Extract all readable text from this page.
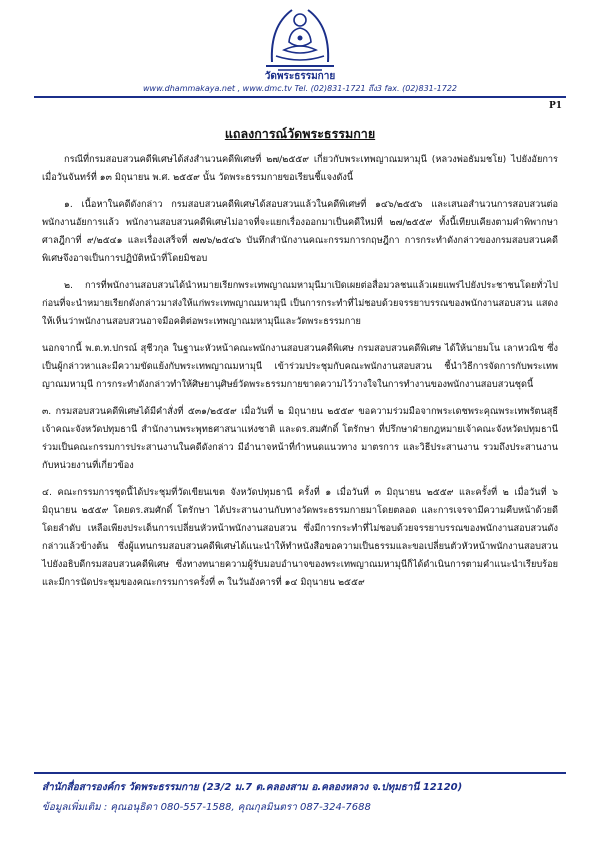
วัดพระธรรมกาย
www.dhammakaya.net , www.dmc.tv Tel. (02)831-1721 ถึง3 fax. (02)831-1722
P1
แถลงการณ์วัดพระธรรมกาย

กรณีที่กรมสอบสวนคดีพิเศษได้ส่งสำนวนคดีพิเศษที่ ๒๗/๒๕๕๙ เกี่ยวกับพระเทพญาณมหามุนี (หลวงพ่อธัมมชโย) ไปยังอัยการ เมื่อวันจันทร์ที่ ๑๓ มิถุนายน พ.ศ. ๒๕๕๙ นั้น วัดพระธรรมกายขอเรียนชี้แจงดังนี้

๑. เนื้อหาในคดีดังกล่าว กรมสอบสวนคดีพิเศษได้สอบสวนแล้วในคดีพิเศษที่ ๑๔๖/๒๕๕๖ และเสนอสำนวนการสอบสวนต่อพนักงานอัยการแล้ว พนักงานสอบสวนคดีพิเศษไม่อาจที่จะแยกเรื่องออกมาเป็นคดีใหม่ที่ ๒๗/๒๕๕๙ ทั้งนี้เทียบเคียงตามคำพิพากษาศาลฎีกาที่ ๙/๒๕๔๑ และเรื่องเสร็จที่ ๗๗๖/๒๕๔๖ บันทึกสำนักงานคณะกรรมการกฤษฎีกา การกระทำดังกล่าวของกรมสอบสวนคดีพิเศษจึงอาจเป็นการปฏิบัติหน้าที่โดยมิชอบ

๒. การที่พนักงานสอบสวนได้นำหมายเรียกพระเทพญาณมหามุนีมาเปิดเผยต่อสื่อมวลชนแล้วเผยแพร่ไปยังประชาชนโดยทั่วไป ก่อนที่จะนำหมายเรียกดังกล่าวมาส่งให้แก่พระเทพญาณมหามุนี เป็นการกระทำที่ไม่ชอบด้วยจรรยาบรรณของพนักงานสอบสวน แสดงให้เห็นว่าพนักงานสอบสวนอาจมีอคติต่อพระเทพญาณมหามุนีและวัดพระธรรมกาย

นอกจากนี้ พ.ต.ท.ปกรณ์ สุชีวกุล ในฐานะหัวหน้าคณะพนักงานสอบสวนคดีพิเศษ กรมสอบสวนคดีพิเศษ ได้ให้นายมโน เลาหวณิช ซึ่งเป็นผู้กล่าวหาและมีความขัดแย้งกับพระเทพญาณมหามุนี เข้าร่วมประชุมกับคณะพนักงานสอบสวน ชี้นำวิธีการจัดการกับพระเทพญาณมหามุนี การกระทำดังกล่าวทำให้ศิษยานุศิษย์วัดพระธรรมกายขาดความไว้วางใจในการทำงานของพนักงานสอบสวนชุดนี้

๓. กรมสอบสวนคดีพิเศษได้มีคำสั่งที่ ๕๓๑/๒๕๕๙ เมื่อวันที่ ๒ มิถุนายน ๒๕๕๙ ขอความร่วมมือจากพระเดชพระคุณพระเทพรัตนสุธี เจ้าคณะจังหวัดปทุมธานี สำนักงานพระพุทธศาสนาแห่งชาติ และดร.สมศักดิ์ โตรักษา ที่ปรึกษาฝ่ายกฎหมายเจ้าคณะจังหวัดปทุมธานี ร่วมเป็นคณะกรรมการประสานงานในคดีดังกล่าว มีอำนาจหน้าที่กำหนดแนวทาง มาตรการ และวิธีประสานงาน รวมถึงประสานงานกับหน่วยงานที่เกี่ยวข้อง

๔. คณะกรรมการชุดนี้ได้ประชุมที่วัดเขียนเขต จังหวัดปทุมธานี ครั้งที่ ๑ เมื่อวันที่ ๓ มิถุนายน ๒๕๕๙ และครั้งที่ ๒ เมื่อวันที่ ๖ มิถุนายน ๒๕๕๙ โดยดร.สมศักดิ์ โตรักษา ได้ประสานงานกับทางวัดพระธรรมกายมาโดยตลอด และการเจรจามีความคืบหน้าด้วยดีโดยลำดับ เหลือเพียงประเด็นการเปลี่ยนหัวหน้าพนักงานสอบสวน ซึ่งมีการกระทำที่ไม่ชอบด้วยจรรยาบรรณของพนักงานสอบสวนดังกล่าวแล้วข้างต้น ซึ่งผู้แทนกรมสอบสวนคดีพิเศษได้แนะนำให้ทำหนังสือขอความเป็นธรรมและขอเปลี่ยนตัวหัวหน้าพนักงานสอบสวนไปยังอธิบดีกรมสอบสวนคดีพิเศษ ซึ่งทางทนายความผู้รับมอบอำนาจของพระเทพญาณมหามุนีก็ได้ดำเนินการตามคำแนะนำเรียบร้อย และมีการนัดประชุมของคณะกรรมการครั้งที่ ๓ ในวันอังคารที่ ๑๔ มิถุนายน ๒๕๕๙

สำนักสื่อสารองค์กร วัดพระธรรมกาย (23/2 ม.7 ต.คลองสาม อ.คลองหลวง จ.ปทุมธานี 12120)
ข้อมูลเพิ่มเติม : คุณอนุธิดา 080-557-1588, คุณกุลมินตรา 087-324-7688
